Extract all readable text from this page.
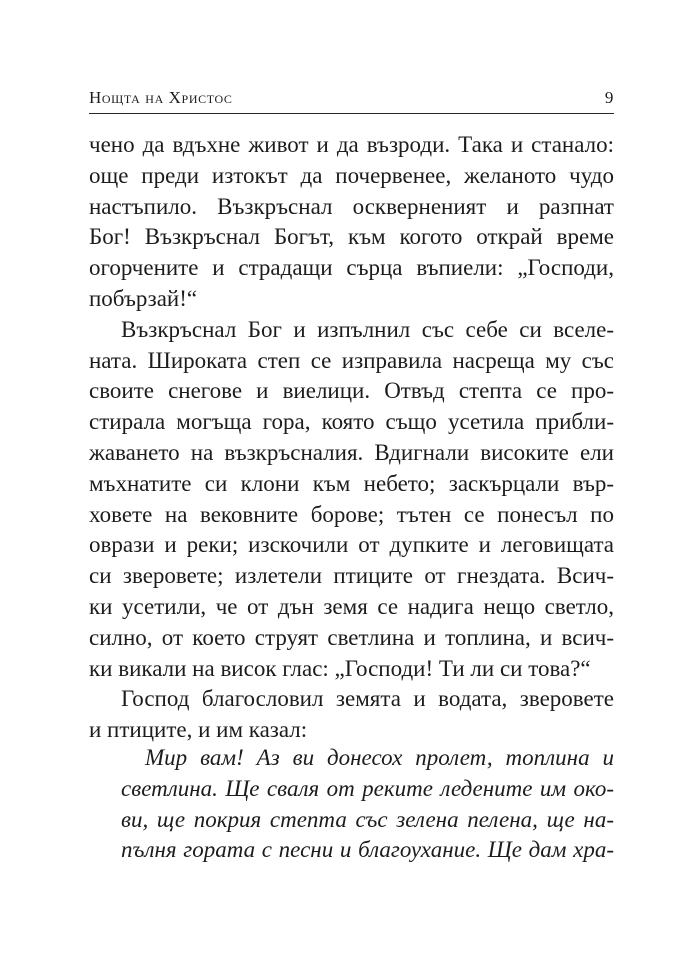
Нощта на Христос	9
чено да вдъхне живот и да възроди. Така и станало:
още преди изтокът да почервенее, желаното чудо
настъпило. Възкръснал оскверненият и разпнат
Бог! Възкръснал Богът, към когото открай време
огорчените и страдащи сърца въпиели: „Господи,
побързай!“
Възкръснал Бог и изпълнил със себе си вселе-
ната. Широката степ се изправила насреща му със
своите снегове и виелици. Отвъд степта се про-
стирала могъща гора, която също усетила прибли-
жаването на възкръсналия. Вдигнали високите ели
мъхнатите си клони към небето; заскърцали вър-
ховете на вековните борове; тътен се понесъл по
оврази и реки; изскочили от дупките и леговищата
си зверовете; излетели птиците от гнездата. Всич-
ки усетили, че от дън земя се надига нещо светло,
силно, от което струят светлина и топлина, и всич-
ки викали на висок глас: „Господи! Ти ли си това?“
Господ благословил земята и водата, зверовете
и птиците, и им казал:
Мир вам! Аз ви донесох пролет, топлина и
светлина. Ще сваля от реките ледените им око-
ви, ще покрия степта със зелена пелена, ще на-
пълня гората с песни и благоухание. Ще дам хра-
